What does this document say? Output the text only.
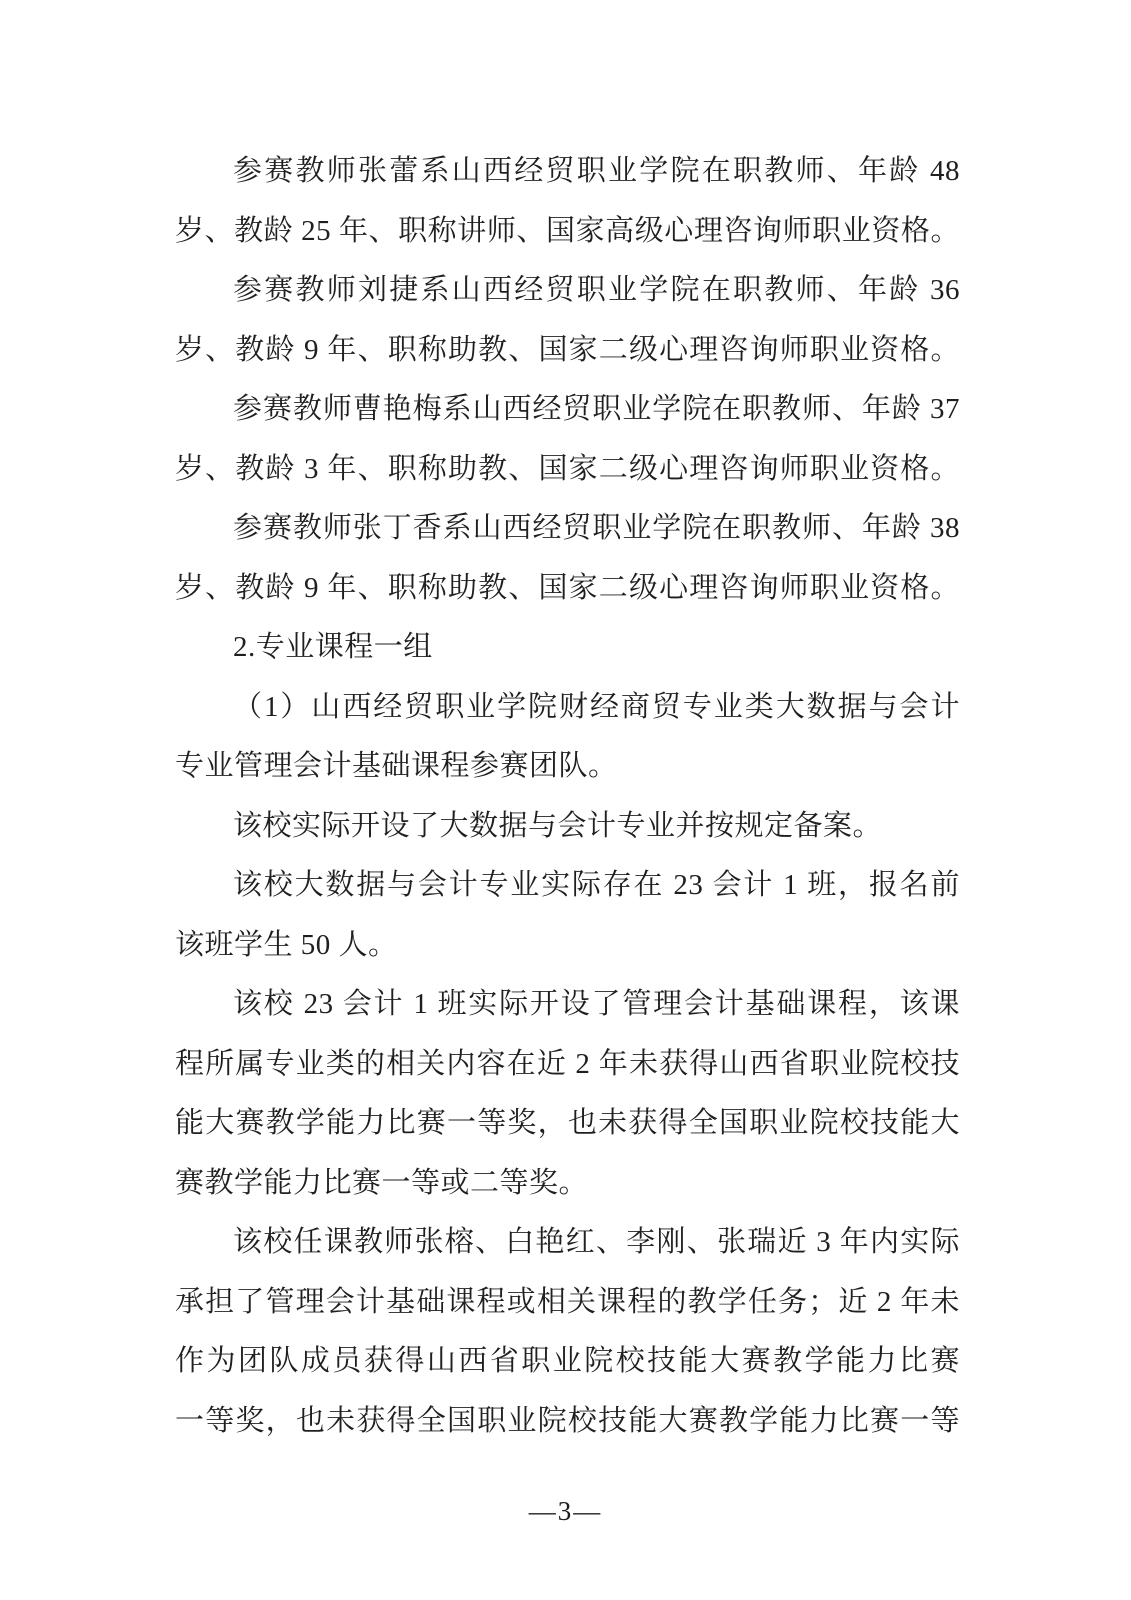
参赛教师张蕾系山西经贸职业学院在职教师、年龄 48
岁、教龄 25 年、职称讲师、国家高级心理咨询师职业资格。
参赛教师刘捷系山西经贸职业学院在职教师、年龄 36
岁、教龄 9 年、职称助教、国家二级心理咨询师职业资格。
参赛教师曹艳梅系山西经贸职业学院在职教师、年龄 37
岁、教龄 3 年、职称助教、国家二级心理咨询师职业资格。
参赛教师张丁香系山西经贸职业学院在职教师、年龄 38
岁、教龄 9 年、职称助教、国家二级心理咨询师职业资格。
2.专业课程一组
（1）山西经贸职业学院财经商贸专业类大数据与会计
专业管理会计基础课程参赛团队。
该校实际开设了大数据与会计专业并按规定备案。
该校大数据与会计专业实际存在 23 会计 1 班，报名前
该班学生 50 人。
该校 23 会计 1 班实际开设了管理会计基础课程，该课
程所属专业类的相关内容在近 2 年未获得山西省职业院校技
能大赛教学能力比赛一等奖，也未获得全国职业院校技能大
赛教学能力比赛一等或二等奖。
该校任课教师张榕、白艳红、李刚、张瑞近 3 年内实际
承担了管理会计基础课程或相关课程的教学任务；近 2 年未
作为团队成员获得山西省职业院校技能大赛教学能力比赛
一等奖，也未获得全国职业院校技能大赛教学能力比赛一等
—3—
